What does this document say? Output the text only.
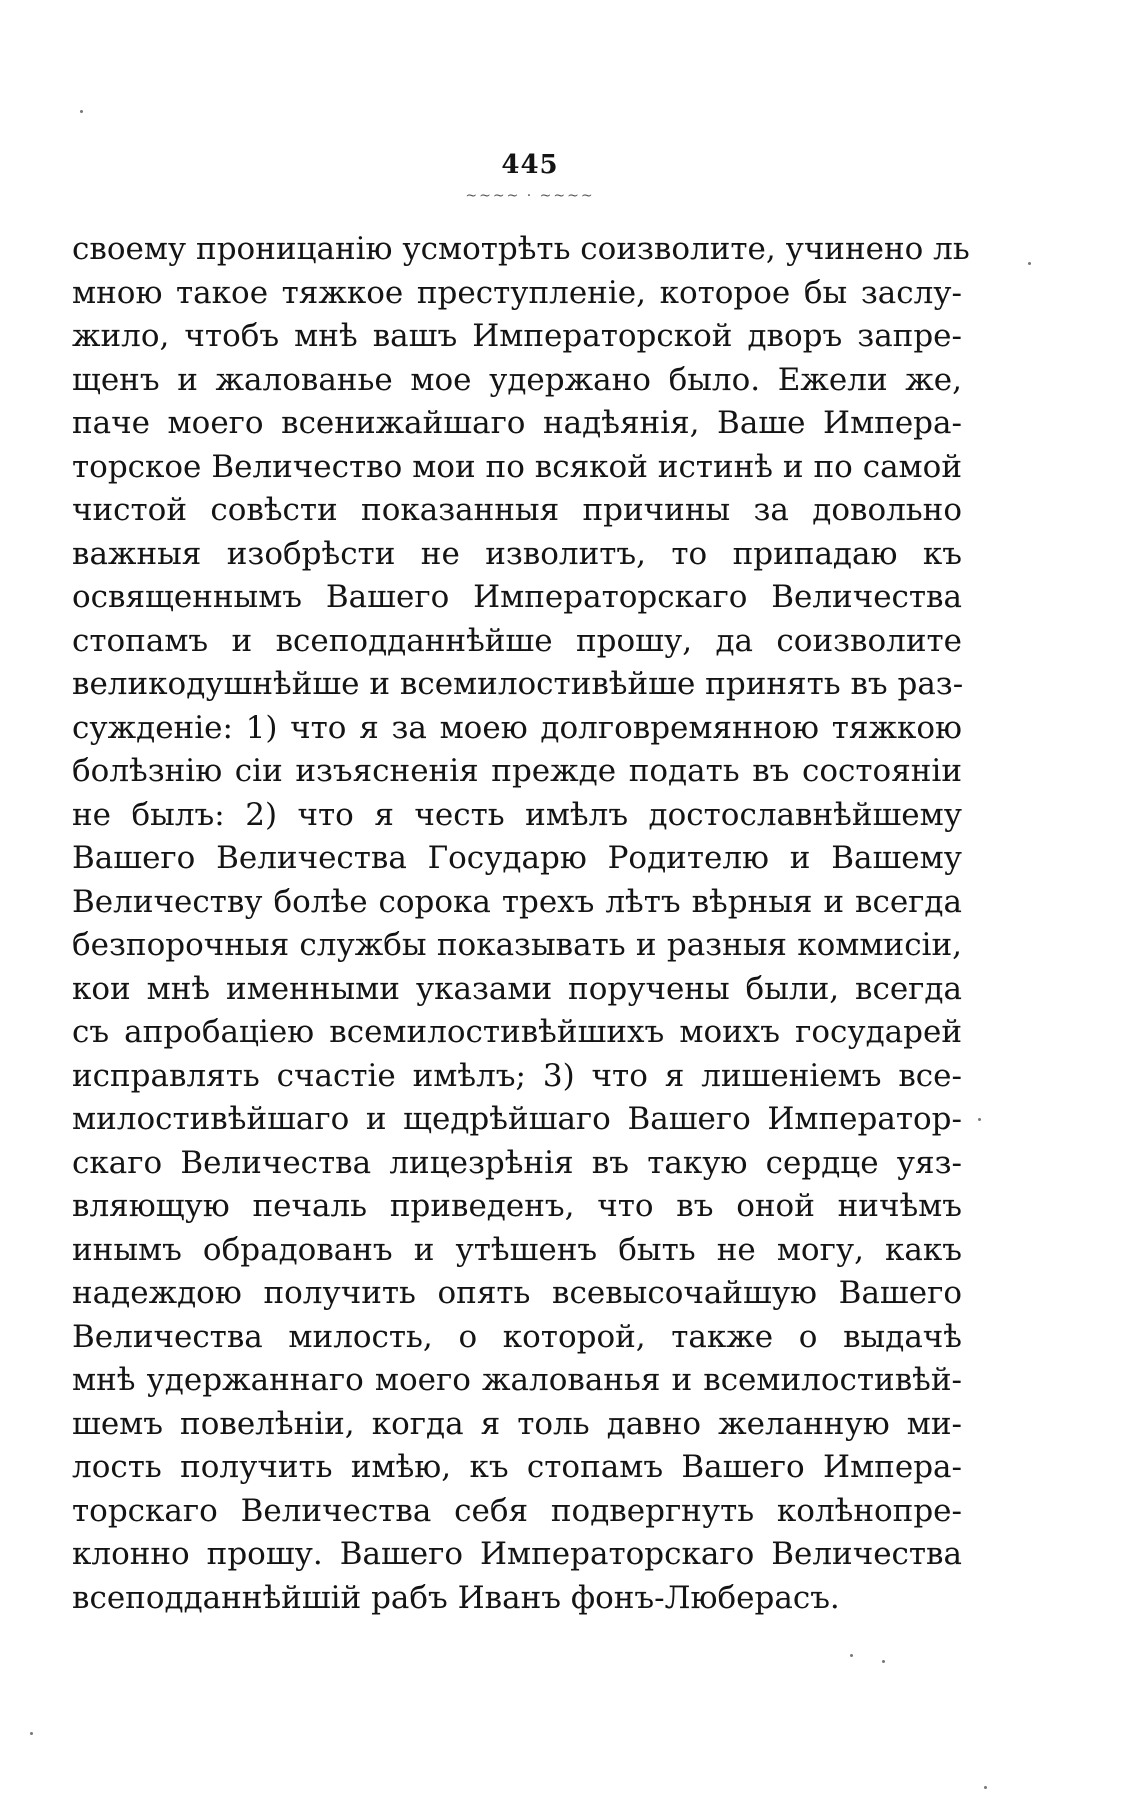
445
~~~~ · ~~~~
своему проницанію усмотрѣть соизволите, учинено ль
мною такое тяжкое преступленіе, которое бы заслу-
жило, чтобъ мнѣ вашъ Императорской дворъ запре-
щенъ и жалованье мое удержано было. Ежели же,
паче моего всенижайшаго надѣянія, Ваше Импера-
торское Величество мои по всякой истинѣ и по самой
чистой совѣсти показанныя причины за довольно
важныя изобрѣсти не изволитъ, то припадаю къ
освященнымъ Вашего Императорскаго Величества
стопамъ и всеподданнѣйше прошу, да соизволите
великодушнѣйше и всемилостивѣйше принять въ раз-
сужденіе: 1) что я за моею долговремянною тяжкою
болѣзнію сіи изъясненія прежде подать въ состояніи
не былъ: 2) что я честь имѣлъ достославнѣйшему
Вашего Величества Государю Родителю и Вашему
Величеству болѣе сорока трехъ лѣтъ вѣрныя и всегда
безпорочныя службы показывать и разныя коммисіи,
кои мнѣ именными указами поручены были, всегда
съ апробаціею всемилостивѣйшихъ моихъ государей
исправлять счастіе имѣлъ; 3) что я лишеніемъ все-
милостивѣйшаго и щедрѣйшаго Вашего Император-
скаго Величества лицезрѣнія въ такую сердце уяз-
вляющую печаль приведенъ, что въ оной ничѣмъ
инымъ обрадованъ и утѣшенъ быть не могу, какъ
надеждою получить опять всевысочайшую Вашего
Величества милость, о которой, также о выдачѣ
мнѣ удержаннаго моего жалованья и всемилостивѣй-
шемъ повелѣніи, когда я толь давно желанную ми-
лость получить имѣю, къ стопамъ Вашего Импера-
торскаго Величества себя подвергнуть колѣнопре-
клонно прошу. Вашего Императорскаго Величества
всеподданнѣйшій рабъ Иванъ фонъ-Люберасъ.
